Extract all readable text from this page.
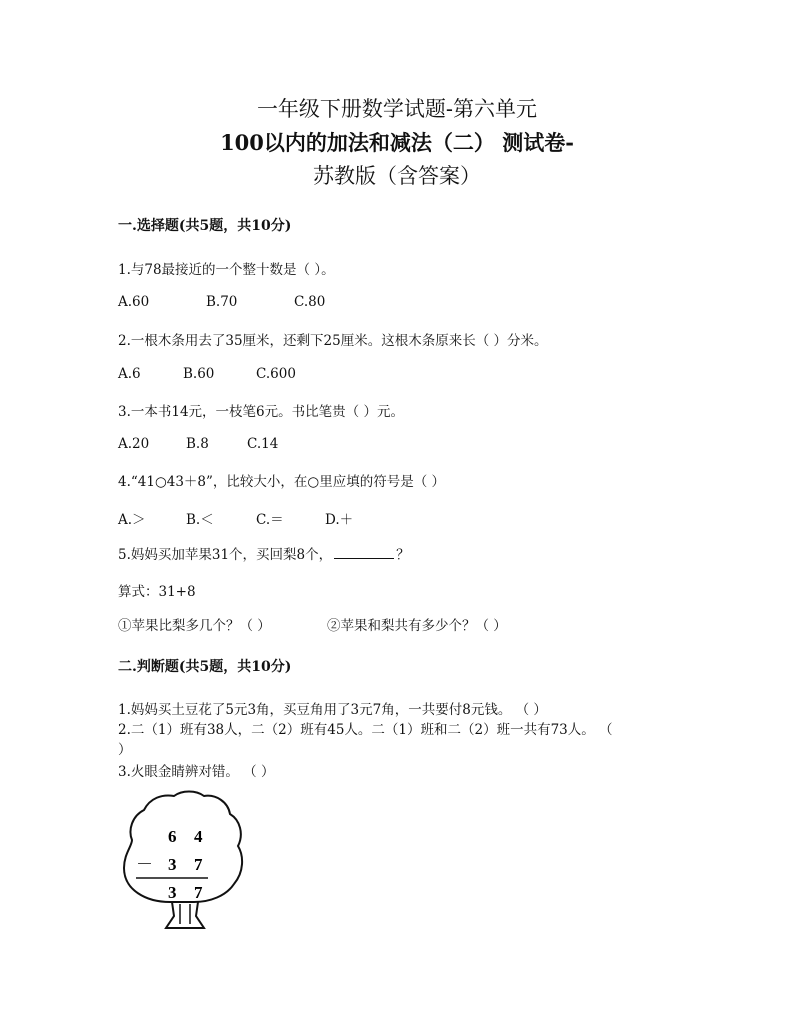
一年级下册数学试题-第六单元
100以内的加法和减法（二） 测试卷-
苏教版（含答案）
一.选择题(共5题，共10分)
1.与78最接近的一个整十数是（ ）。
A.60	B.70	C.80
2.一根木条用去了35厘米，还剩下25厘米。这根木条原来长（ ）分米。
A.6	B.60	C.600
3.一本书14元，一枝笔6元。书比笔贵（ ）元。
A.20	B.8	C.14
4.“41○43＋8”，比较大小，在○里应填的符号是（ ）
A.＞	B.＜	C.＝	D.＋
5.妈妈买加苹果31个，买回梨8个，	？
算式：31+8
①苹果比梨多几个？（ ）	②苹果和梨共有多少个？（ ）
二.判断题(共5题，共10分)
1.妈妈买土豆花了5元3角，买豆角用了3元7角，一共要付8元钱。 （ ）
2.二（1）班有38人，二（2）班有45人。二（1）班和二（2）班一共有73人。 （
）
3.火眼金睛辨对错。 （ ）
6 4
－ 3 7
3 7
